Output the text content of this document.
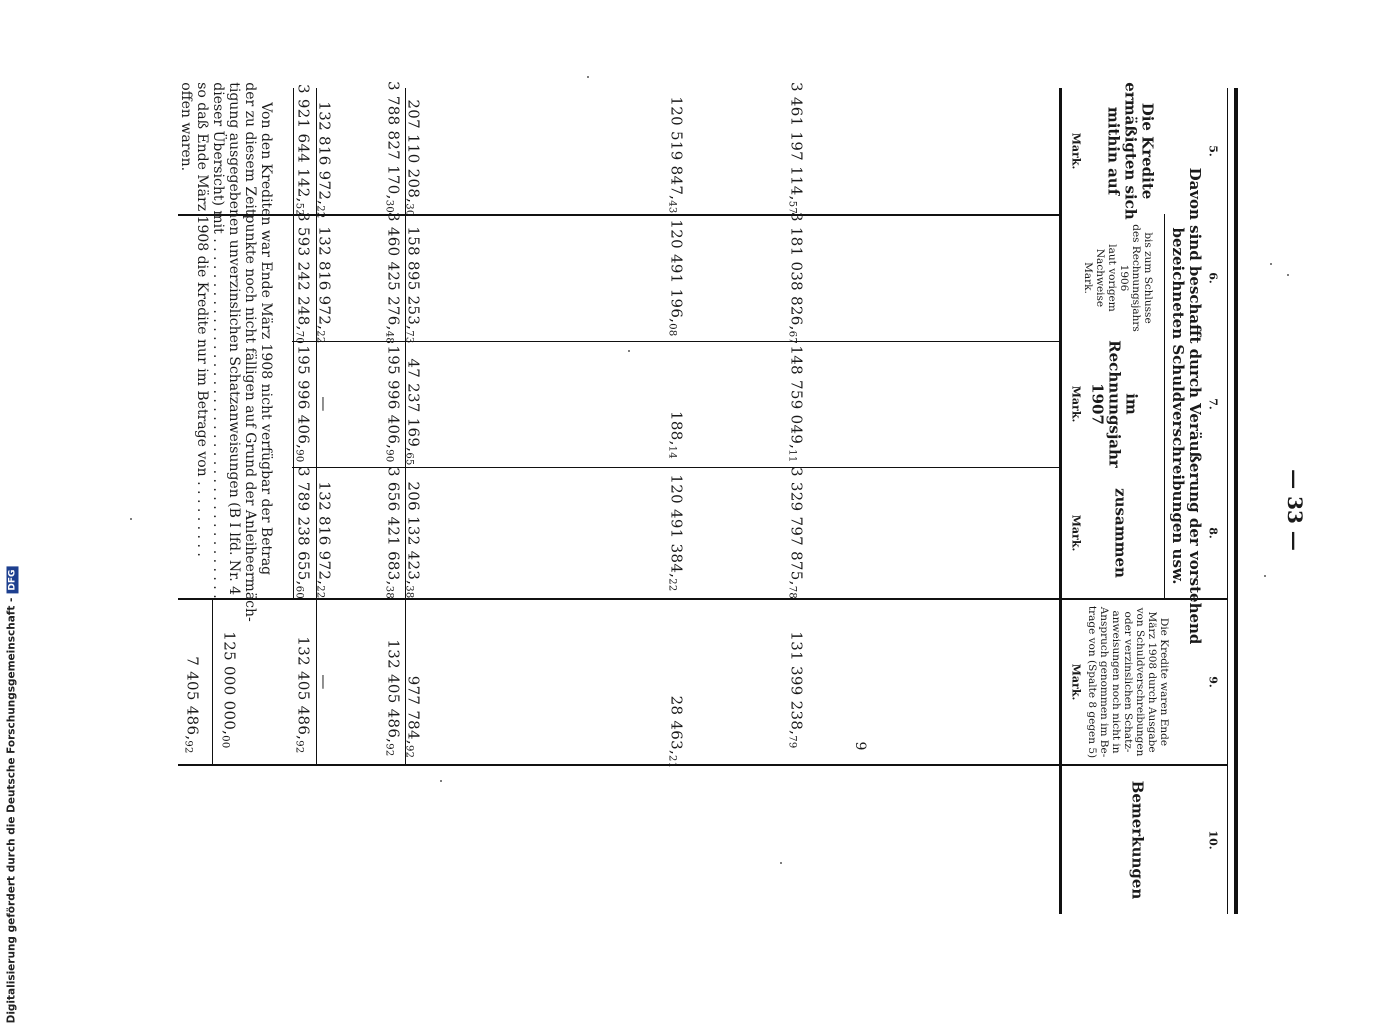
— 33 —
9
Digitalisierung gefördert durch die Deutsche Forschungsgemeinschaft -DFG
5.
Die Kredite
ermäßigten sich
mithin auf
Mark.
6.
7.
8.
Davon sind beschafft durch Veräußerung der vorstehend
bezeichneten Schuldverschreibungen usw.
bis zum Schlusse
des Rechnungsjahrs
1906
laut vorigem
Nachweise
Mark.
im
Rechnungsjahr
1907
Mark.
zusammen
Mark.
9.
Die Kredite waren Ende
März 1908 durch Ausgabe
von Schuldverschreibungen
oder verzinslichen Schatz-
anweisungen noch nicht in
Anspruch genommen im Be-
trage von (Spalte 8 gegen 5)
Mark.
10.
Bemerkungen
3 461 197 $114,_{57}$
3 181 038 $826,_{67}$
148 759 $049,_{11}$
3 329 797 $875,_{78}$
131 399 $238,_{79}$
120 519 $847,_{43}$
120 491 $196,_{08}$
$188,_{14}$
120 491 $384,_{22}$
28 $463,_{21}$
207 110 $208,_{30}$
158 895 $253,_{73}$
47 237 $169,_{65}$
206 132 $423,_{38}$
977 $784,_{92}$
3 788 827 $170,_{30}$
3 460 425 $276,_{48}$
195 996 $406,_{90}$
3 656 421 $683,_{38}$
132 405 $486,_{92}$
132 816 $972,_{22}$
132 816 $972,_{22}$
—
132 816 $972,_{22}$
—
3 921 644 $142,_{52}$
3 593 242 $248,_{70}$
195 996 $406,_{90}$
3 789 238 $655,_{60}$
132 405 $486,_{92}$
Von den Krediten war Ende März 1908 nicht verfügbar der Betrag
der zu diesem Zeitpunkte noch nicht fälligen auf Grund der Anleiheermäch-
tigung ausgegebenen unverzinslichen Schatzanweisungen (B I lfd. Nr. 4
dieser Übersicht) mit . . . . . . . . . . . . . . . . . . . . . . . . . . . . . . . . . . . . . . . . .
so daß Ende März 1908 die Kredite nur im Betrage von . . . . . . . . .
offen waren.
125 000 $000,_{00}$
7 405 $486,_{92}$
